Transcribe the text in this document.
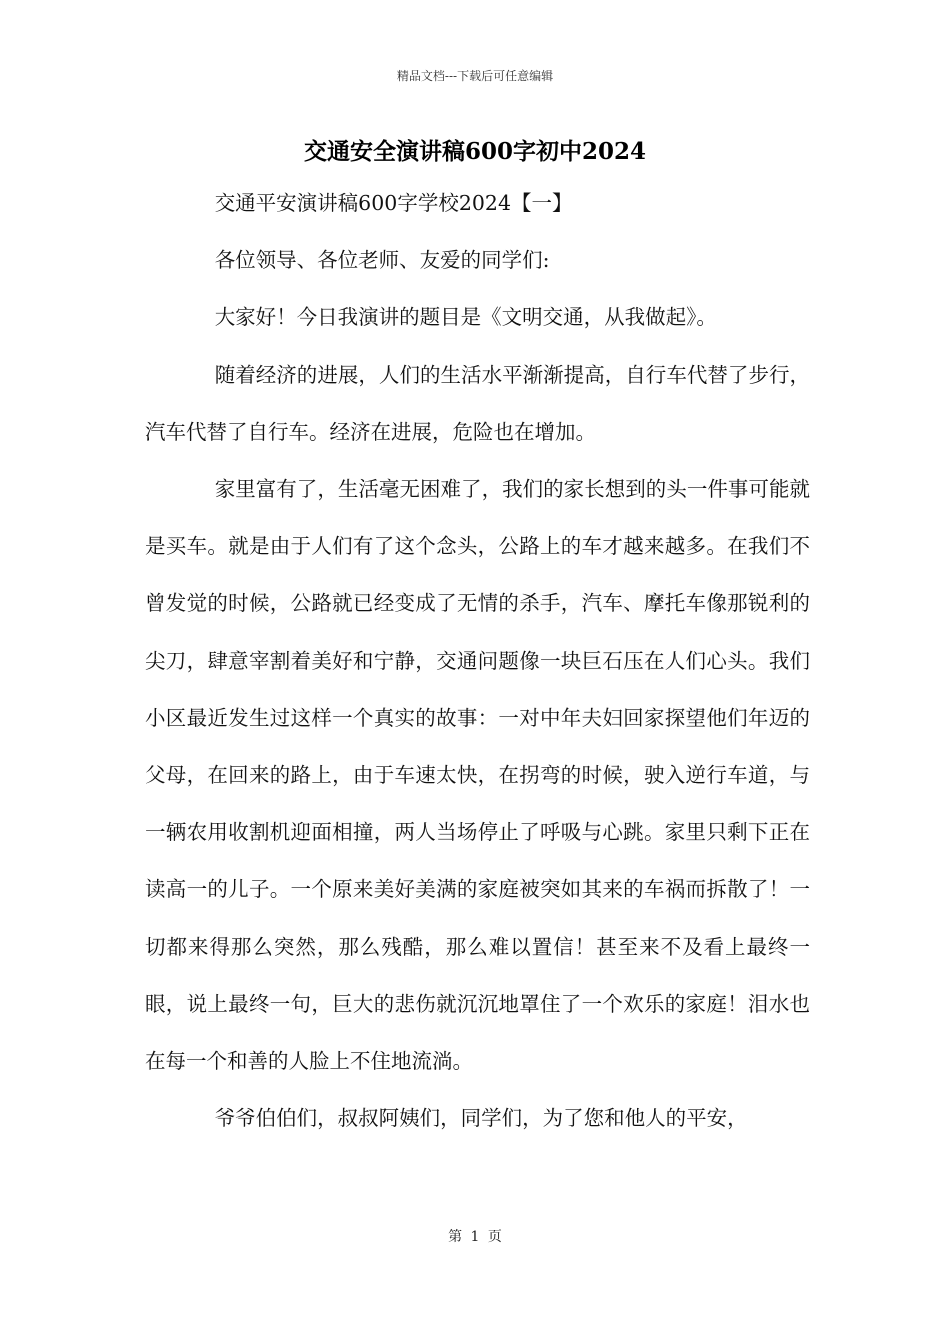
精品文档---下载后可任意编辑
交通安全演讲稿600字初中2024

交通平安演讲稿600字学校2024【一】

各位领导、各位老师、友爱的同学们:

大家好！今日我演讲的题目是《文明交通，从我做起》。

随着经济的进展，人们的生活水平渐渐提高，自行车代替了步行，汽车代替了自行车。经济在进展，危险也在增加。

家里富有了，生活毫无困难了，我们的家长想到的头一件事可能就是买车。就是由于人们有了这个念头，公路上的车才越来越多。在我们不曾发觉的时候，公路就已经变成了无情的杀手，汽车、摩托车像那锐利的尖刀，肆意宰割着美好和宁静，交通问题像一块巨石压在人们心头。我们小区最近发生过这样一个真实的故事：一对中年夫妇回家探望他们年迈的父母，在回来的路上，由于车速太快，在拐弯的时候，驶入逆行车道，与一辆农用收割机迎面相撞，两人当场停止了呼吸与心跳。家里只剩下正在读高一的儿子。一个原来美好美满的家庭被突如其来的车祸而拆散了！一切都来得那么突然，那么残酷，那么难以置信！甚至来不及看上最终一眼，说上最终一句，巨大的悲伤就沉沉地罩住了一个欢乐的家庭！泪水也在每一个和善的人脸上不住地流淌。

爷爷伯伯们，叔叔阿姨们，同学们，为了您和他人的平安，

第 1 页
